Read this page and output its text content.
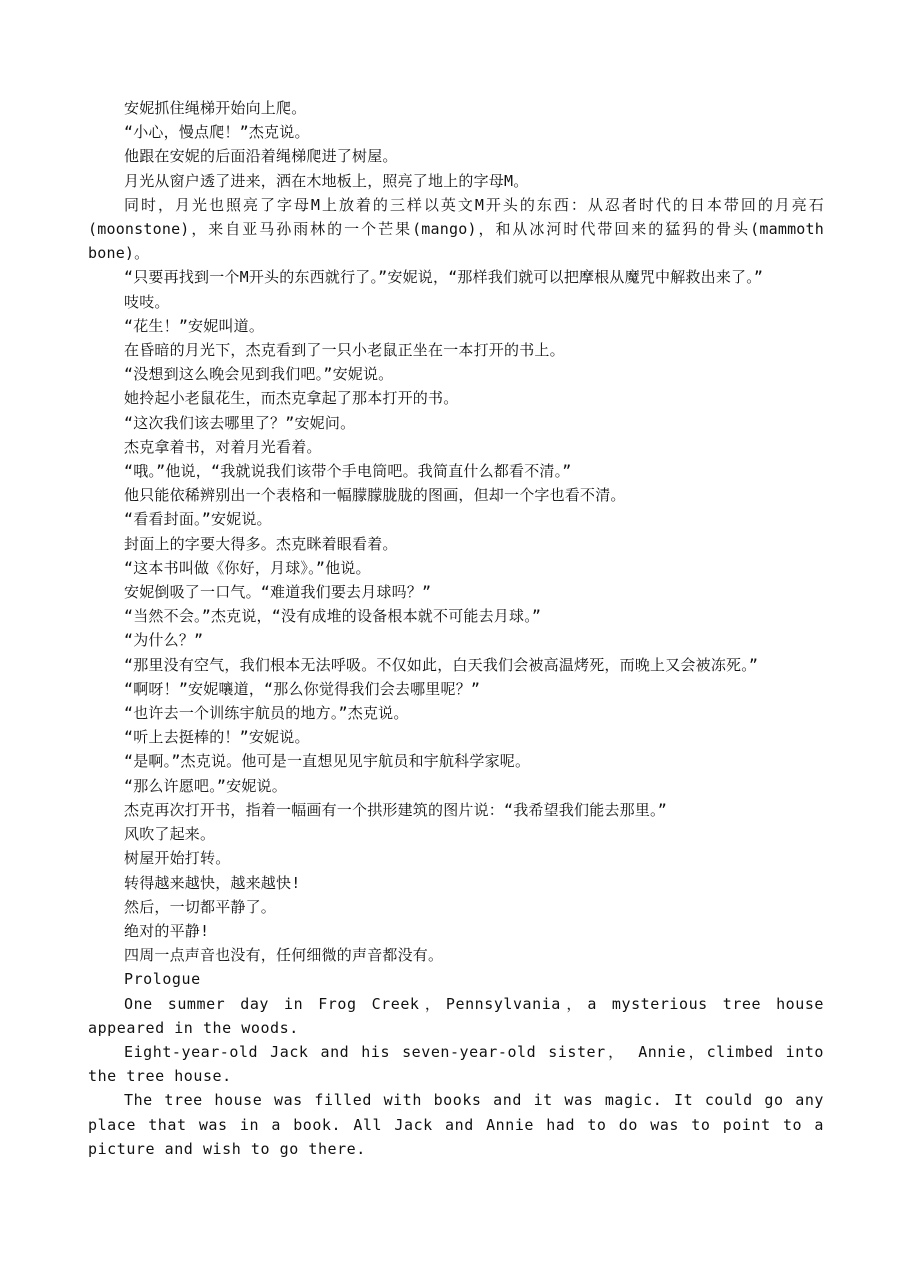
安妮抓住绳梯开始向上爬。

“小心，慢点爬！”杰克说。

他跟在安妮的后面沿着绳梯爬进了树屋。

月光从窗户透了进来，洒在木地板上，照亮了地上的字母M。

同时，月光也照亮了字母M上放着的三样以英文M开头的东西：从忍者时代的日本带回的月亮石(moonstone)，来自亚马孙雨林的一个芒果(mango)，和从冰河时代带回来的猛犸的骨头(mammoth bone)。

“只要再找到一个M开头的东西就行了。”安妮说，“那样我们就可以把摩根从魔咒中解救出来了。”

吱吱。

“花生！”安妮叫道。

在昏暗的月光下，杰克看到了一只小老鼠正坐在一本打开的书上。

“没想到这么晚会见到我们吧。”安妮说。

她拎起小老鼠花生，而杰克拿起了那本打开的书。

“这次我们该去哪里了？”安妮问。

杰克拿着书，对着月光看着。

“哦。”他说，“我就说我们该带个手电筒吧。我简直什么都看不清。”

他只能依稀辨别出一个表格和一幅朦朦胧胧的图画，但却一个字也看不清。

“看看封面。”安妮说。

封面上的字要大得多。杰克眯着眼看着。

“这本书叫做《你好，月球》。”他说。

安妮倒吸了一口气。“难道我们要去月球吗？”

“当然不会。”杰克说，“没有成堆的设备根本就不可能去月球。”

“为什么？”

“那里没有空气，我们根本无法呼吸。不仅如此，白天我们会被高温烤死，而晚上又会被冻死。”

“啊呀！”安妮嚷道，“那么你觉得我们会去哪里呢？”

“也许去一个训练宇航员的地方。”杰克说。

“听上去挺棒的！”安妮说。

“是啊。”杰克说。他可是一直想见见宇航员和宇航科学家呢。

“那么许愿吧。”安妮说。

杰克再次打开书，指着一幅画有一个拱形建筑的图片说：“我希望我们能去那里。”

风吹了起来。

树屋开始打转。

转得越来越快，越来越快!

然后，一切都平静了。

绝对的平静!

四周一点声音也没有，任何细微的声音都没有。

Prologue

One summer day in Frog Creek，Pennsylvania，a mysterious tree house appeared in the woods.

Eight-year-old Jack and his seven-year-old sister， Annie，climbed into the tree house.

The tree house was filled with books and it was magic. It could go any place that was in a book. All Jack and Annie had to do was to point to a picture and wish to go there.
